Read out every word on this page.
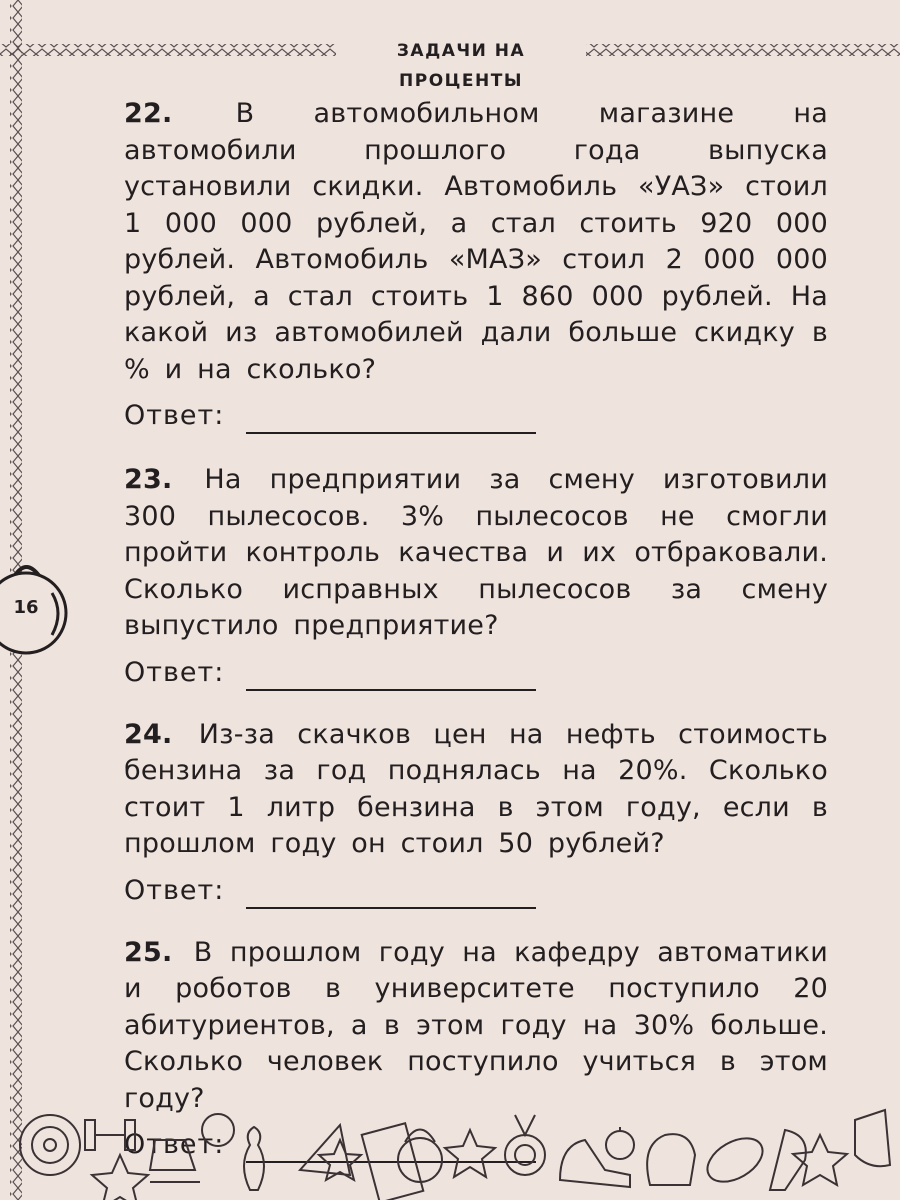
ЗАДАЧИ НА ПРОЦЕНТЫ
16

22. В автомобильном магазине на автомобили прошлого года выпуска установили скидки. Автомобиль «УАЗ» стоил 1 000 000 рублей, а стал стоить 920 000 рублей. Автомобиль «МАЗ» стоил 2 000 000 рублей, а стал стоить 1 860 000 рублей. На какой из автомобилей дали больше скидку в % и на сколько?

Ответ:

23. На предприятии за смену изготовили 300 пылесосов. 3% пылесосов не смогли пройти контроль качества и их отбраковали. Сколько исправных пылесосов за смену выпустило предприятие?

Ответ:

24. Из-за скачков цен на нефть стоимость бензина за год поднялась на 20%. Сколько стоит 1 литр бензина в этом году, если в прошлом году он стоил 50 рублей?

Ответ:

25. В прошлом году на кафедру автоматики и роботов в университете поступило 20 абитуриентов, а в этом году на 30% больше. Сколько человек поступило учиться в этом году?

Ответ:
